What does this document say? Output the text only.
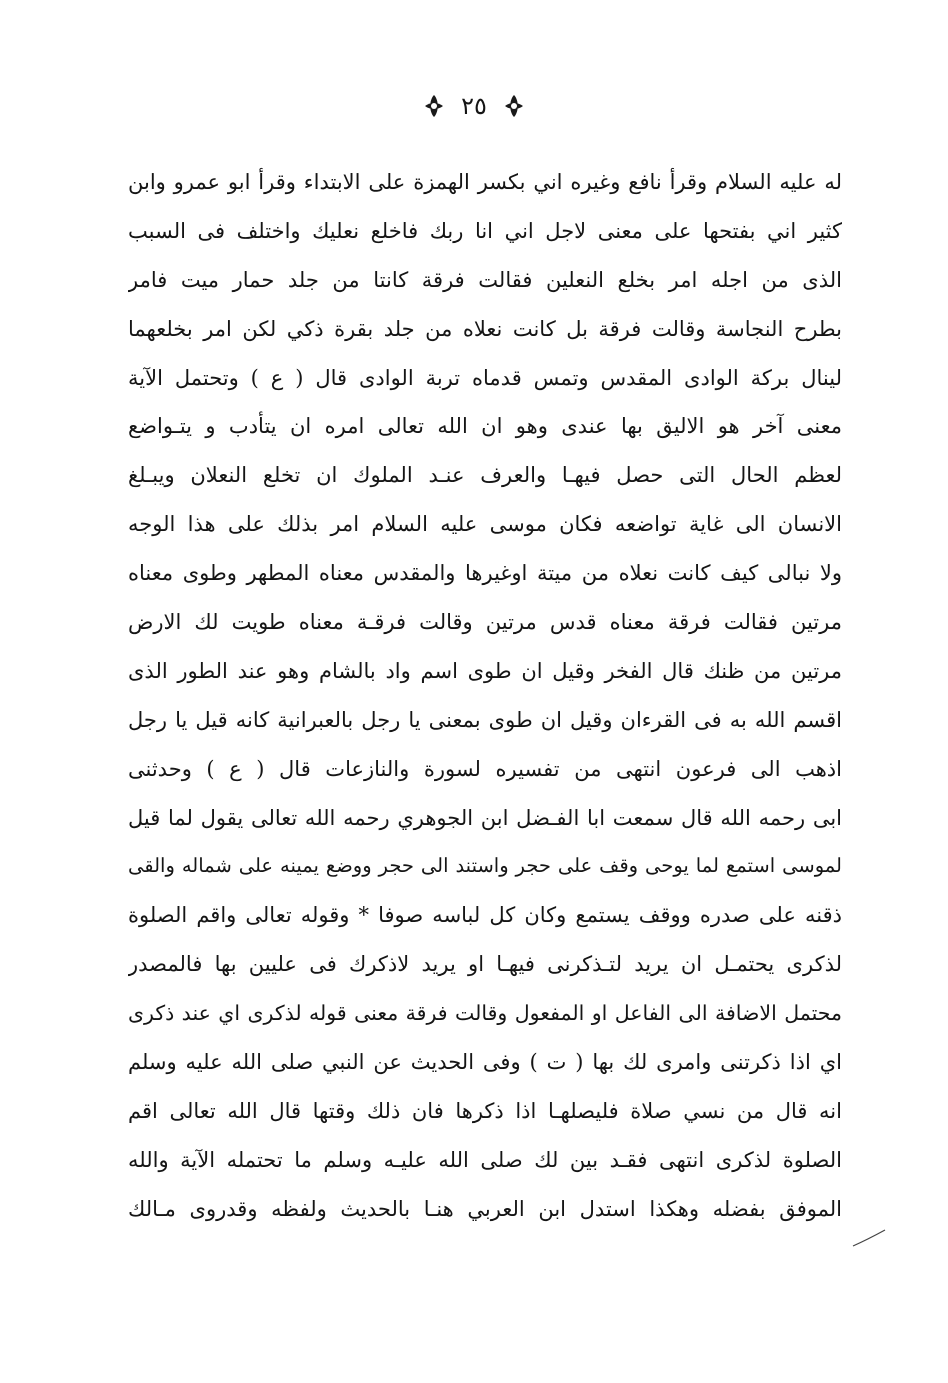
٢٥
له عليه السلام وقرأ نافع وغيره اني بكسر الهمزة على الابتداء وقرأ ابو عمرو وابن
كثير اني بفتحها على معنى لاجل اني انا ربك فاخلع نعليك واختلف فى السبب
الذى من اجله امر بخلع النعلين فقالت فرقة كانتا من جلد حمار ميت فامر
بطرح النجاسة وقالت فرقة بل كانت نعلاه من جلد بقرة ذكي لكن امر بخلعهما
لينال بركة الوادى المقدس وتمس قدماه تربة الوادى قال ( ع ) وتحتمل الآية
معنى آخر هو الاليق بها عندى وهو ان الله تعالى امره ان يتأدب و يتـواضع
لعظم الحال التى حصل فيهـا والعرف عنـد الملوك ان تخلع النعلان ويبـلغ
الانسان الى غاية تواضعه فكان موسى عليه السلام امر بذلك على هذا الوجه
ولا نبالى كيف كانت نعلاه من ميتة اوغيرها والمقدس معناه المطهر وطوى معناه
مرتين فقالت فرقة معناه قدس مرتين وقالت فرقـة معناه طويت لك الارض
مرتين من ظنك قال الفخر وقيل ان طوى اسم واد بالشام وهو عند الطور الذى
اقسم الله به فى القرءان وقيل ان طوى بمعنى يا رجل بالعبرانية كانه قيل يا رجل
اذهب الى فرعون انتهى من تفسيره لسورة والنازعات قال ( ع ) وحدثنى
ابى رحمه الله قال سمعت ابا الفـضل ابن الجوهري رحمه الله تعالى يقول لما قيل
لموسى استمع لما يوحى وقف على حجر واستند الى حجر ووضع يمينه على شماله والقى
ذقنه على صدره ووقف يستمع وكان كل لباسه صوفا * وقوله تعالى واقم الصلوة
لذكرى يحتمـل ان يريد لتـذكرنى فيهـا او يريد لاذكرك فى عليين بها فالمصدر
محتمل الاضافة الى الفاعل او المفعول وقالت فرقة معنى قوله لذكرى اي عند ذكرى
اي اذا ذكرتنى وامرى لك بها ( ت ) وفى الحديث عن النبي صلى الله عليه وسلم
انه قال من نسي صلاة فليصلهـا اذا ذكرها فان ذلك وقتها قال الله تعالى اقم
الصلوة لذكرى انتهى فقـد بين لك صلى الله عليـه وسلم ما تحتمله الآية والله
الموفق بفضله وهكذا استدل ابن العربي هنـا بالحديث ولفظه وقدروى مـالك
